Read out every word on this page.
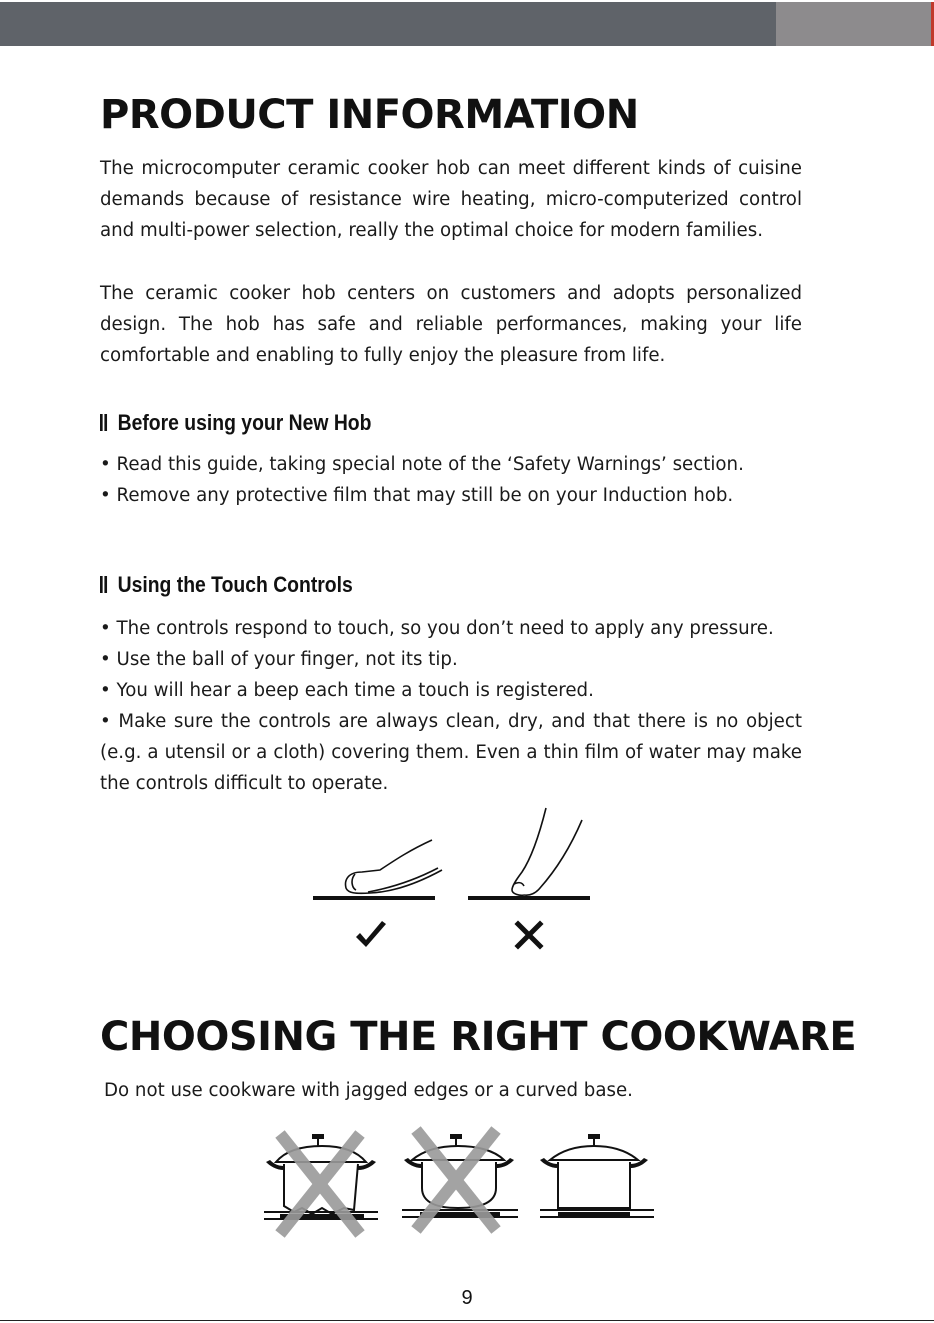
PRODUCT INFORMATION

The microcomputer ceramic cooker hob can meet different kinds of cuisine demands because of resistance wire heating, micro-computerized control and multi-power selection, really the optimal choice for modern families.

The ceramic cooker hob centers on customers and adopts personalized design. The hob has safe and reliable performances, making your life comfortable and enabling to fully enjoy the pleasure from life.

Before using your New Hob
• Read this guide, taking special note of the ‘Safety Warnings’ section.
• Remove any protective film that may still be on your Induction hob.
Using the Touch Controls
• The controls respond to touch, so you don’t need to apply any pressure.
• Use the ball of your finger, not its tip.
• You will hear a beep each time a touch is registered.
• Make sure the controls are always clean, dry, and that there is no object (e.g. a utensil or a cloth) covering them. Even a thin film of water may make the controls difficult to operate.
CHOOSING THE RIGHT COOKWARE

Do not use cookware with jagged edges or a curved base.

9
